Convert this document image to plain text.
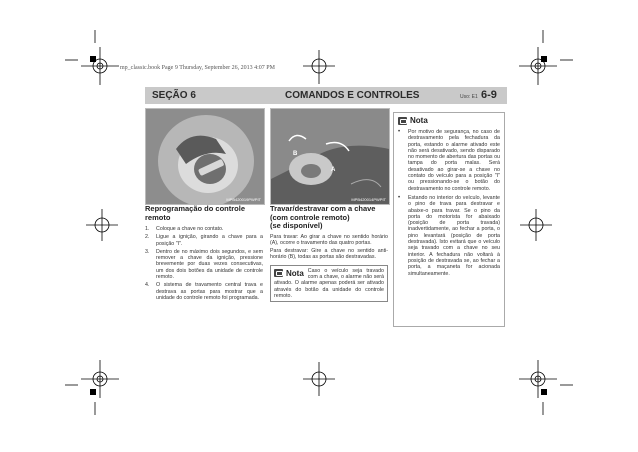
mp_classic.book Page 9 Thursday, September 26, 2013 4:07 PM
SEÇÃO 6	COMANDOS E CONTROLES	Uso: E1 6-9
MPB420019PWPIT
B
A
MPB420014PWPIT
Reprogramação do controle
remoto
1.	Coloque a chave no contato.
2.	Ligue a ignição, girando a chave para a posição "I".
3.	Dentro de no máximo dois segundos, e sem remover a chave da ignição, pressione brevemente por duas vezes consecutivas, um dos dois botões da unidade de controle remoto.
4.	O sistema de travamento central trava e destrava as portas para mostrar que a unidade do controle remoto foi programada.
Travar/destravar com a chave
(com controle remoto)
(se disponível)
Para travar: Ao girar a chave no sentido horário (A), ocorre o travamento das quatro portas.
Para destravar: Gire a chave no sentido anti-horário (B), todas as portas são destravadas.
Nota Caso o veículo seja travado com a chave, o alarme não será ativado. O alarme apenas poderá ser ativado através do botão da unidade do controle remoto.
Nota
•	Por motivo de segurança, no caso de destravamento pela fechadura da porta, estando o alarme ativado este não será desativado, sendo disparado no momento de abertura das portas ou tampa do porta malas. Será desativado ao girar-se a chave no contato do veículo para a posição "I" ou pressionando-se o botão do destravamento no controle remoto.
•	Estando no interior do veículo, levante o pino de trava para destravar e abaixe-o para travar. Se o pino da porta do motorista for abaixado (posição de porta travada) inadvertidamente, ao fechar a porta, o pino levantará (posição de porta destravada). Isto evitará que o veículo seja travado com a chave no seu interior. A fechadura não voltará à posição de destravada se, ao fechar a porta, a maçaneta for acionada simultaneamente.
